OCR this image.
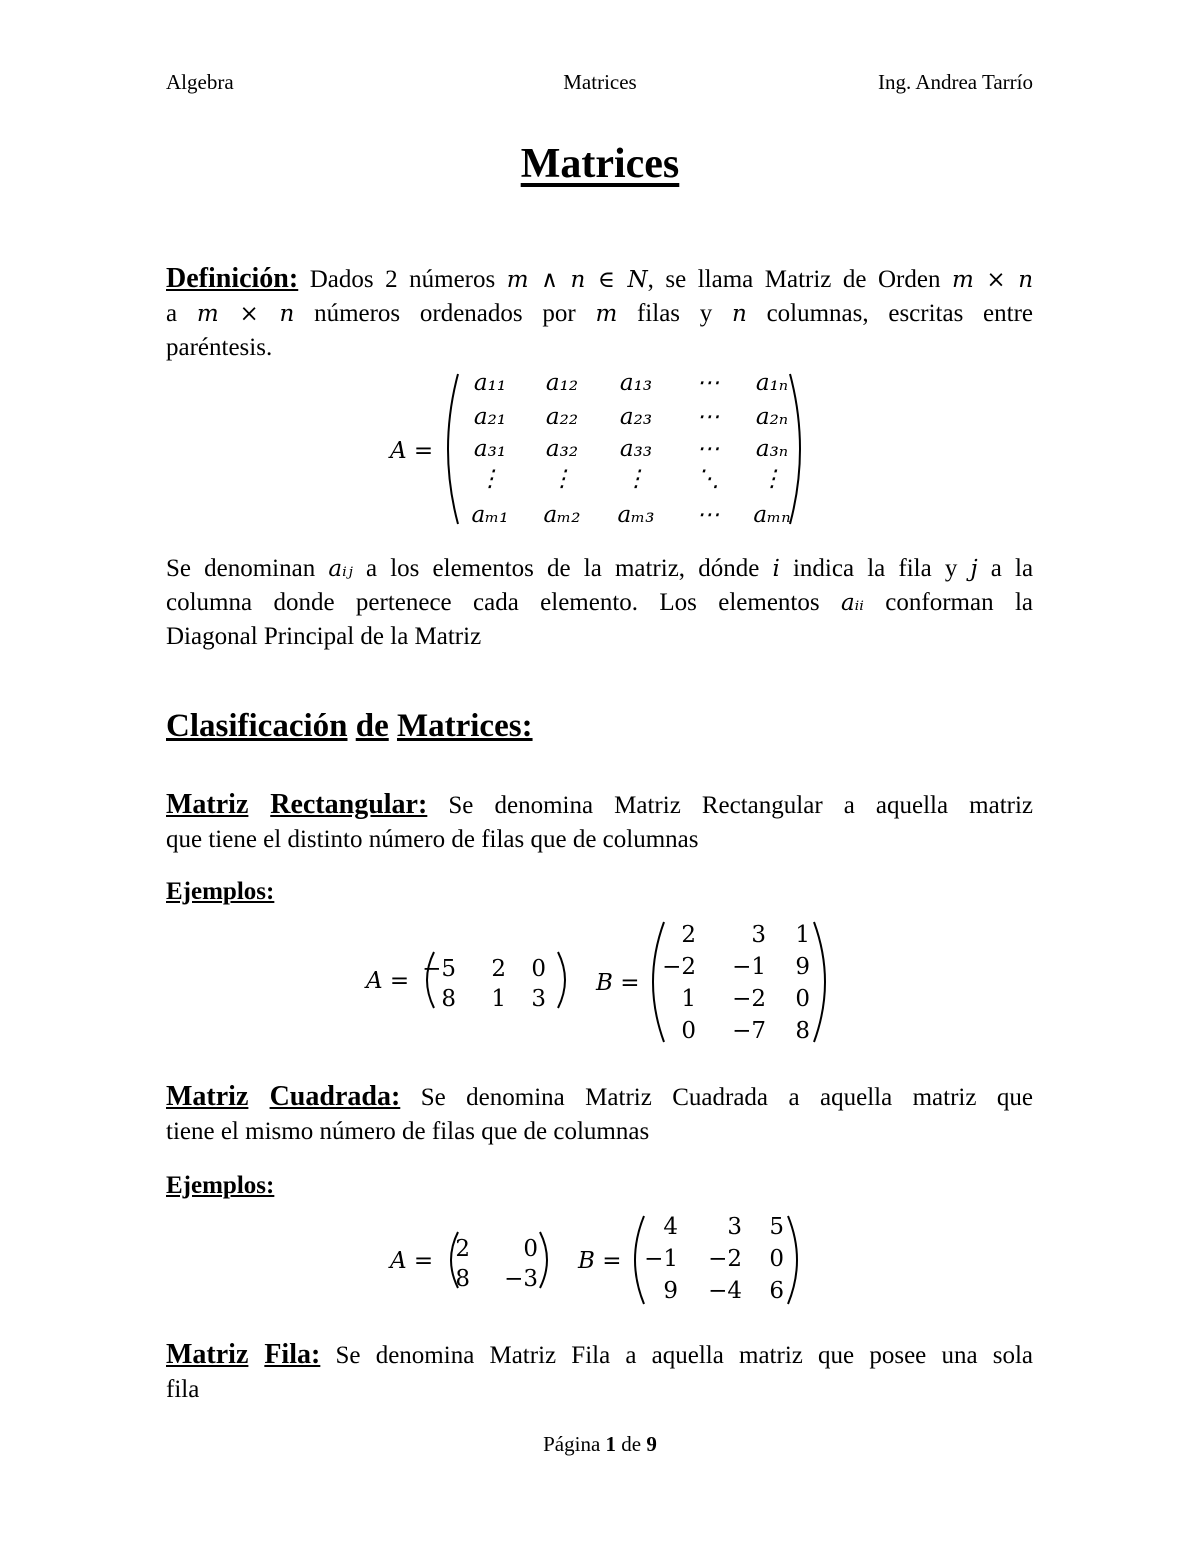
Algebra	Matrices	Ing. Andrea Tarrío
Matrices
Definición: Dados 2 números m ∧ n ∈ N, se llama Matriz de Orden m × n
a m × n números ordenados por m filas y n columnas, escritas entre
paréntesis.
A =
a₁₁ a₁₂ a₁₃ ⋯ a₁ₙ
a₂₁ a₂₂ a₂₃ ⋯ a₂ₙ
a₃₁ a₃₂ a₃₃ ⋯ a₃ₙ
⋮ ⋮ ⋮ ⋱ ⋮
aₘ₁ aₘ₂ aₘ₃ ⋯ aₘₙ
Se denominan aᵢⱼ a los elementos de la matriz, dónde i indica la fila y j a la
columna donde pertenece cada elemento. Los elementos aᵢᵢ conforman la
Diagonal Principal de la Matriz
Clasificación de Matrices:
Matriz Rectangular: Se denomina Matriz Rectangular a aquella matriz
que tiene el distinto número de filas que de columnas
Ejemplos:
A = −5 2 0
8 1 3
B =
2 3 1
−2 −1 9
1 −2 0
0 −7 8
Matriz Cuadrada: Se denomina Matriz Cuadrada a aquella matriz que
tiene el mismo número de filas que de columnas
Ejemplos:
A = 2 0
8 −3
B =
4 3 5
−1 −2 0
9 −4 6
Matriz Fila: Se denomina Matriz Fila a aquella matriz que posee una sola
fila
Página 1 de 9
